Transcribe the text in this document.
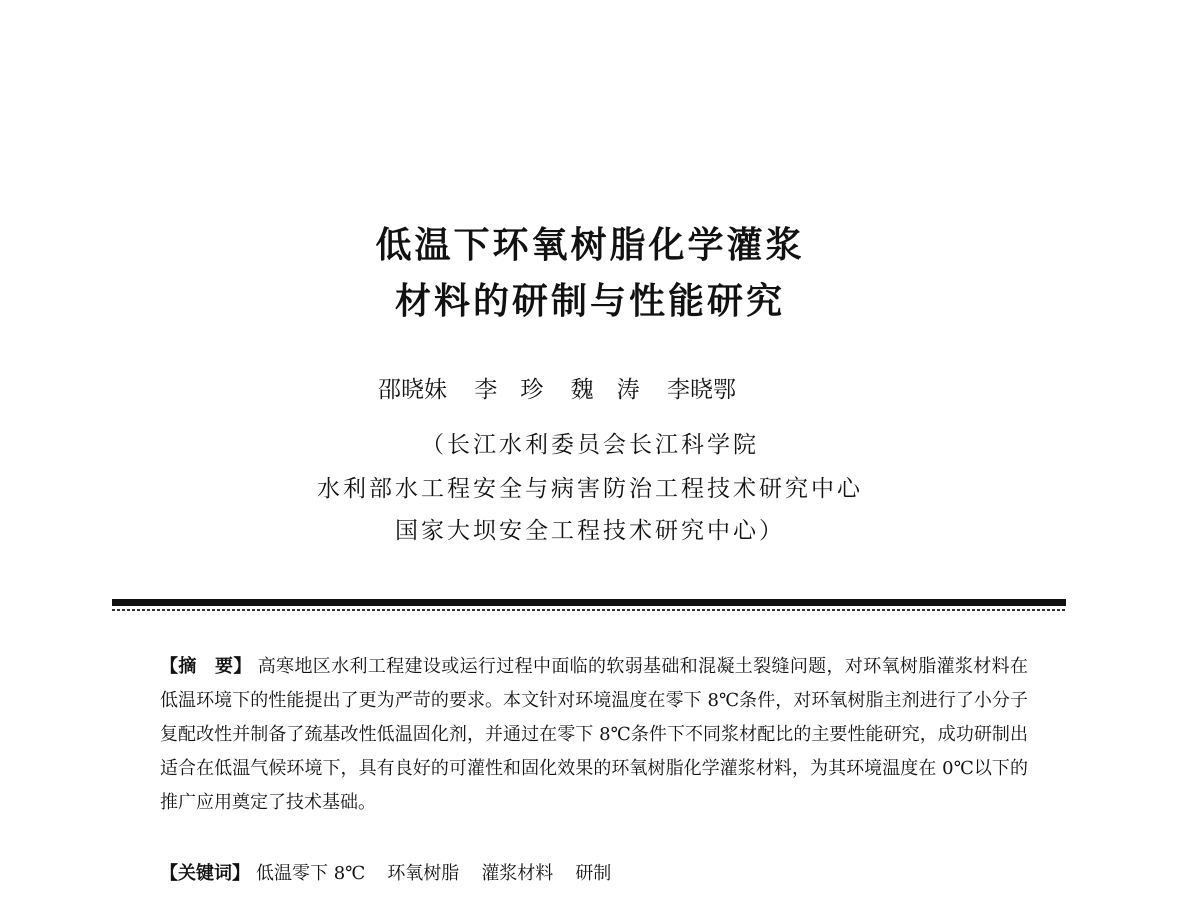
低温下环氧树脂化学灌浆
材料的研制与性能研究
邵晓妹 李　珍 魏　涛 李晓鄂
（长江水利委员会长江科学院
水利部水工程安全与病害防治工程技术研究中心
国家大坝安全工程技术研究中心）
【摘　要】 高寒地区水利工程建设或运行过程中面临的软弱基础和混凝土裂缝问题，对环氧树脂灌浆材料在低温环境下的性能提出了更为严苛的要求。本文针对环境温度在零下 8℃条件，对环氧树脂主剂进行了小分子复配改性并制备了巯基改性低温固化剂，并通过在零下 8℃条件下不同浆材配比的主要性能研究，成功研制出适合在低温气候环境下，具有良好的可灌性和固化效果的环氧树脂化学灌浆材料，为其环境温度在 0℃以下的推广应用奠定了技术基础。
【关键词】 低温零下 8℃ 环氧树脂 灌浆材料 研制
